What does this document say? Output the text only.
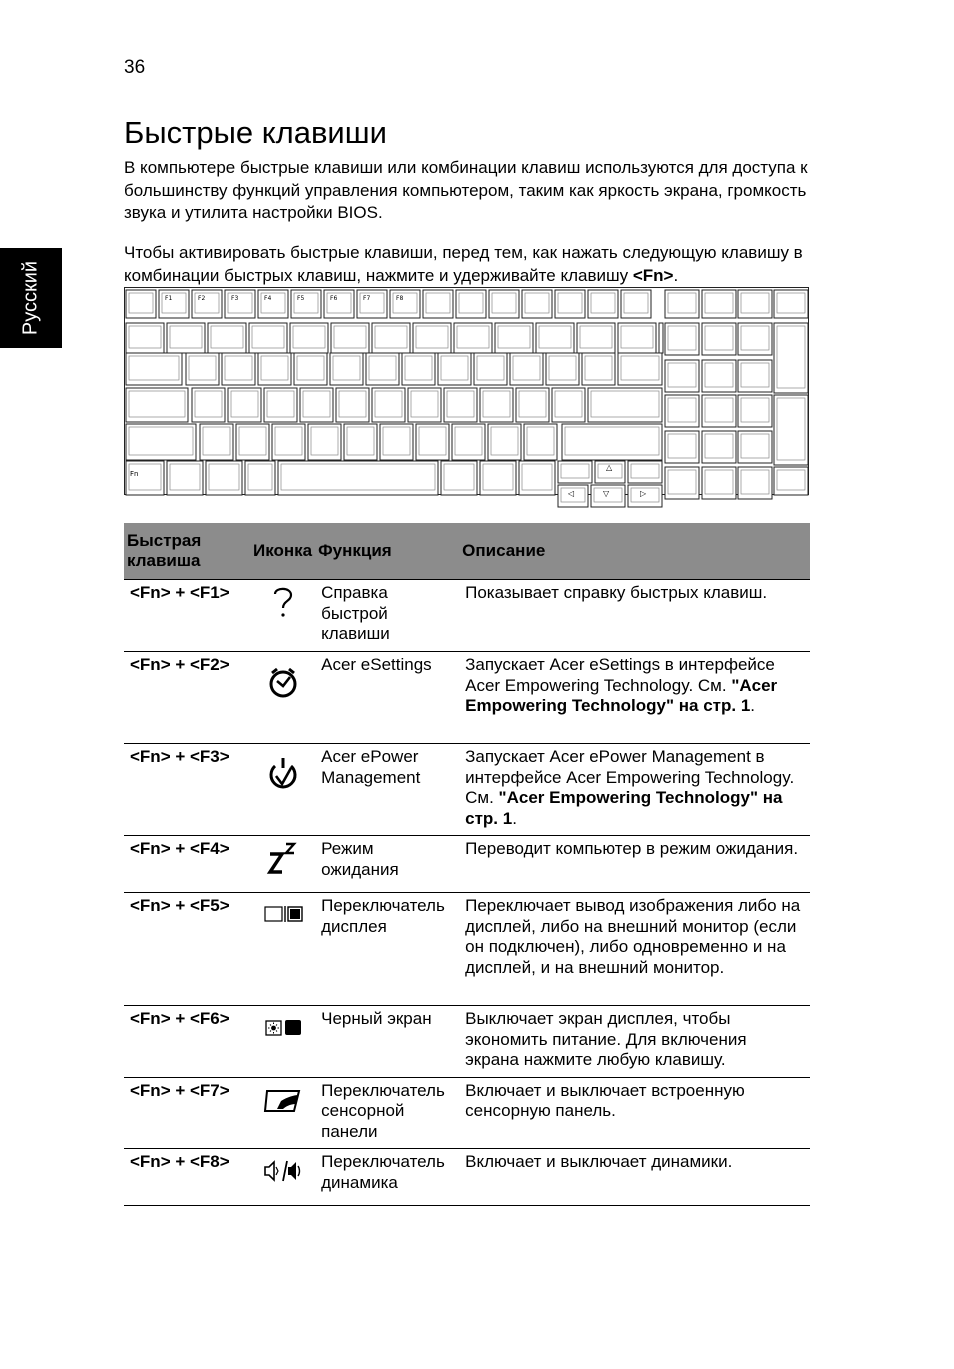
36
Русский
Быстрые клавиши

В компьютере быстрые клавиши или комбинации клавиш используются для доступа к большинству функций управления компьютером, таким как яркость экрана, громкость звука и утилита настройки BIOS.

Чтобы активировать быстрые клавиши, перед тем, как нажать следующую клавишу в комбинации быстрых клавиш, нажмите и удерживайте клавишу <Fn>.

F1	F2	F3	F4	F5	F6	F7	F8
Fn
△
◁	▽	▷
Быстрая клавиша	Иконка	Функция	Описание
<Fn> + <F1>		Справка быстрой клавиши	Показывает справку быстрых клавиш.
<Fn> + <F2>		Acer eSettings	Запускает Acer eSettings в интерфейсе Acer Empowering Technology. См. "Acer Empowering Technology" на стр. 1.
<Fn> + <F3>		Acer ePower Management	Запускает Acer ePower Management в интерфейсе Acer Empowering Technology. См. "Acer Empowering Technology" на стр. 1.
<Fn> + <F4>		Режим ожидания	Переводит компьютер в режим ожидания.
<Fn> + <F5>		Переключатель дисплея	Переключает вывод изображения либо на дисплей, либо на внешний монитор (если он подключен), либо одновременно и на дисплей, и на внешний монитор.
<Fn> + <F6>		Черный экран	Выключает экран дисплея, чтобы экономить питание. Для включения экрана нажмите любую клавишу.
<Fn> + <F7>		Переключатель сенсорной панели	Включает и выключает встроенную сенсорную панель.
<Fn> + <F8>		Переключатель динамика	Включает и выключает динамики.
